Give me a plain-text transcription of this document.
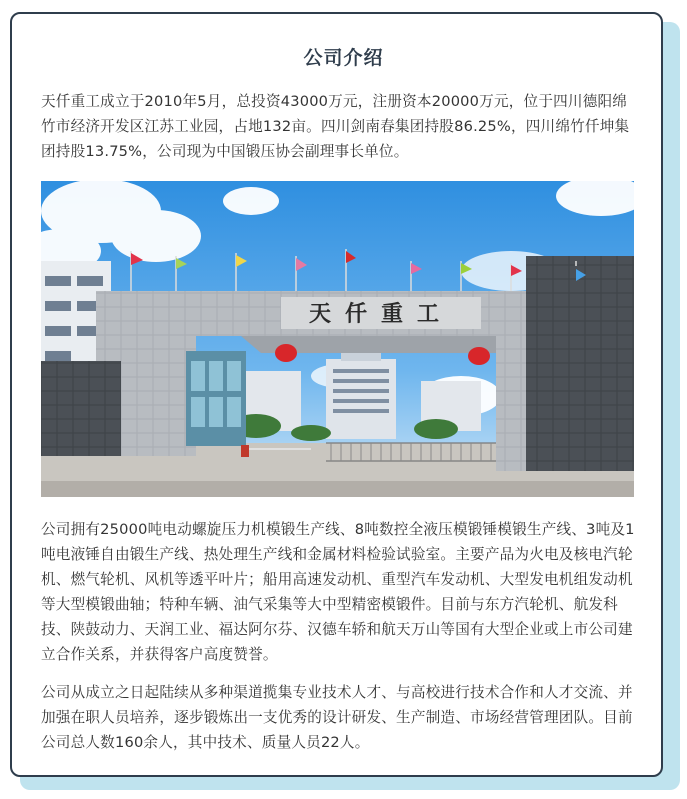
公司介绍

天仟重工成立于2010年5月，总投资43000万元，注册资本20000万元，位于四川德阳绵竹市经济开发区江苏工业园，占地132亩。四川剑南春集团持股86.25%，四川绵竹仟坤集团持股13.75%，公司现为中国锻压协会副理事长单位。

天仟重工

公司拥有25000吨电动螺旋压力机模锻生产线、8吨数控全液压模锻锤模锻生产线、3吨及1吨电液锤自由锻生产线、热处理生产线和金属材料检验试验室。主要产品为火电及核电汽轮机、燃气轮机、风机等透平叶片；船用高速发动机、重型汽车发动机、大型发电机组发动机等大型模锻曲轴；特种车辆、油气采集等大中型精密模锻件。目前与东方汽轮机、航发科技、陕鼓动力、天润工业、福达阿尔芬、汉德车轿和航天万山等国有大型企业或上市公司建立合作关系，并获得客户高度赞誉。

公司从成立之日起陆续从多种渠道揽集专业技术人才、与高校进行技术合作和人才交流、并加强在职人员培养，逐步锻炼出一支优秀的设计研发、生产制造、市场经营管理团队。目前公司总人数160余人，其中技术、质量人员22人。
